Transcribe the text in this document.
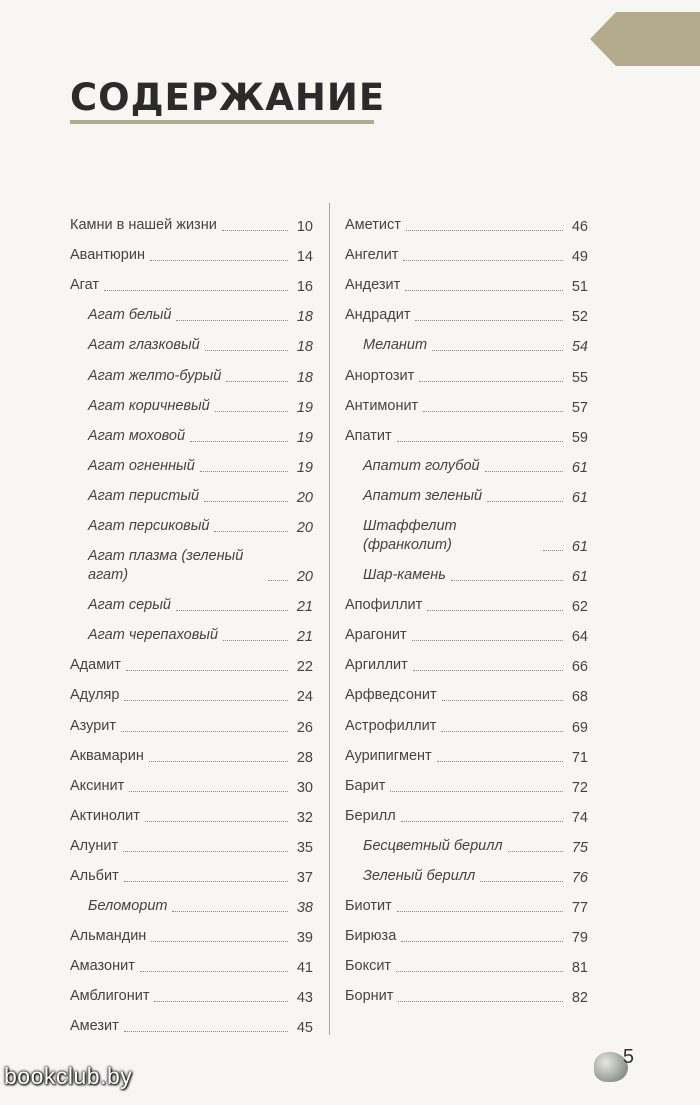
СОДЕРЖАНИЕ
Камни в нашей жизни	10
Авантюрин	14
Агат	16
Агат белый	18
Агат глазковый	18
Агат желто-бурый	18
Агат коричневый	19
Агат моховой	19
Агат огненный	19
Агат перистый	20
Агат персиковый	20
Агат плазма (зеленый агат)	20
Агат серый	21
Агат черепаховый	21
Адамит	22
Адуляр	24
Азурит	26
Аквамарин	28
Аксинит	30
Актинолит	32
Алунит	35
Альбит	37
Беломорит	38
Альмандин	39
Амазонит	41
Амблигонит	43
Амезит	45
Аметист	46
Ангелит	49
Андезит	51
Андрадит	52
Меланит	54
Анортозит	55
Антимонит	57
Апатит	59
Апатит голубой	61
Апатит зеленый	61
Штаффелит (франколит)	61
Шар-камень	61
Апофиллит	62
Арагонит	64
Аргиллит	66
Арфведсонит	68
Астрофиллит	69
Аурипигмент	71
Барит	72
Берилл	74
Бесцветный берилл	75
Зеленый берилл	76
Биотит	77
Бирюза	79
Боксит	81
Борнит	82
5
bookclub.by
